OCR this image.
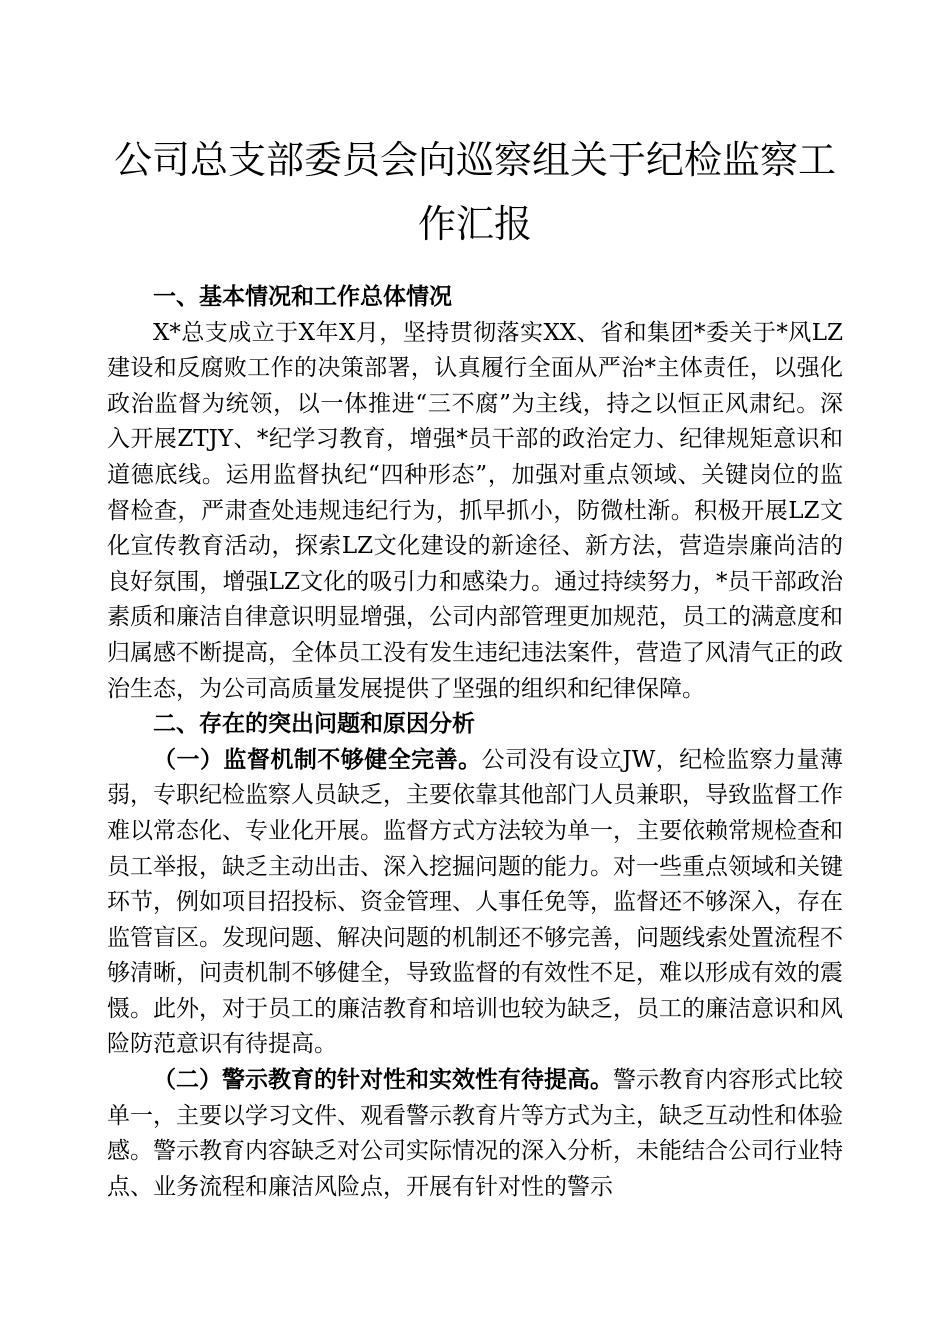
公司总支部委员会向巡察组关于纪检监察工作汇报

一、基本情况和工作总体情况

X*总支成立于X年X月，坚持贯彻落实XX、省和集团*委关于*风LZ建设和反腐败工作的决策部署，认真履行全面从严治*主体责任，以强化政治监督为统领，以一体推进“三不腐”为主线，持之以恒正风肃纪。深入开展ZTJY、*纪学习教育，增强*员干部的政治定力、纪律规矩意识和道德底线。运用监督执纪“四种形态”，加强对重点领域、关键岗位的监督检查，严肃查处违规违纪行为，抓早抓小，防微杜渐。积极开展LZ文化宣传教育活动，探索LZ文化建设的新途径、新方法，营造崇廉尚洁的良好氛围，增强LZ文化的吸引力和感染力。通过持续努力，*员干部政治素质和廉洁自律意识明显增强，公司内部管理更加规范，员工的满意度和归属感不断提高，全体员工没有发生违纪违法案件，营造了风清气正的政治生态，为公司高质量发展提供了坚强的组织和纪律保障。

二、存在的突出问题和原因分析

（一）监督机制不够健全完善。公司没有设立JW，纪检监察力量薄弱，专职纪检监察人员缺乏，主要依靠其他部门人员兼职，导致监督工作难以常态化、专业化开展。监督方式方法较为单一，主要依赖常规检查和员工举报，缺乏主动出击、深入挖掘问题的能力。对一些重点领域和关键环节，例如项目招投标、资金管理、人事任免等，监督还不够深入，存在监管盲区。发现问题、解决问题的机制还不够完善，问题线索处置流程不够清晰，问责机制不够健全，导致监督的有效性不足，难以形成有效的震慑。此外，对于员工的廉洁教育和培训也较为缺乏，员工的廉洁意识和风险防范意识有待提高。

（二）警示教育的针对性和实效性有待提高。警示教育内容形式比较单一，主要以学习文件、观看警示教育片等方式为主，缺乏互动性和体验感。警示教育内容缺乏对公司实际情况的深入分析，未能结合公司行业特点、业务流程和廉洁风险点，开展有针对性的警示
